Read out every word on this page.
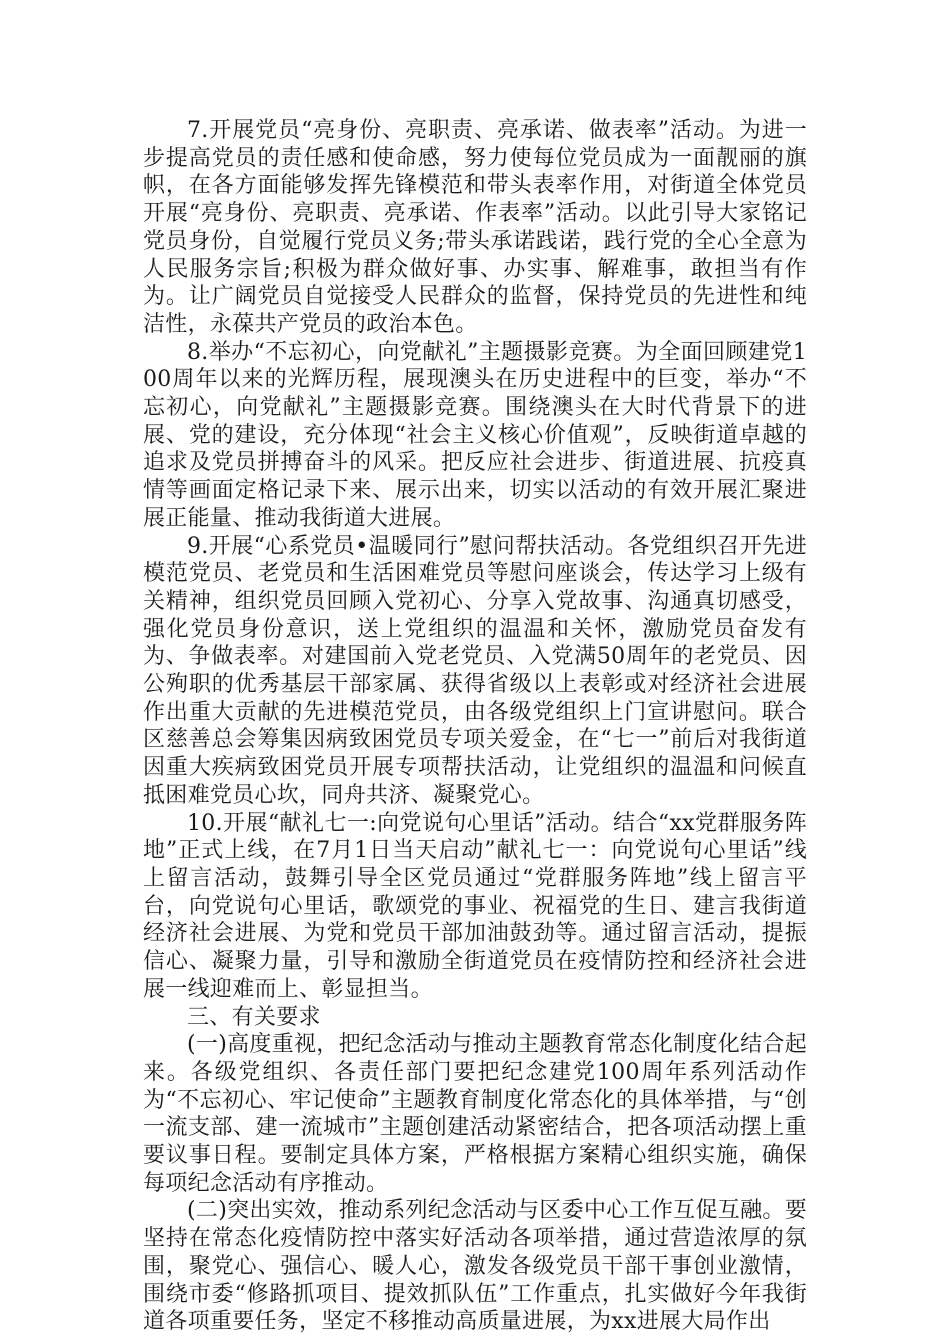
7.开展党员“亮身份、亮职责、亮承诺、做表率”活动。为进一步提高党员的责任感和使命感，努力使每位党员成为一面靓丽的旗帜，在各方面能够发挥先锋模范和带头表率作用，对街道全体党员开展“亮身份、亮职责、亮承诺、作表率”活动。以此引导大家铭记党员身份，自觉履行党员义务;带头承诺践诺，践行党的全心全意为人民服务宗旨;积极为群众做好事、办实事、解难事，敢担当有作为。让广阔党员自觉接受人民群众的监督，保持党员的先进性和纯洁性，永葆共产党员的政治本色。

8.举办“不忘初心，向党献礼”主题摄影竞赛。为全面回顾建党100周年以来的光辉历程，展现澳头在历史进程中的巨变，举办“不忘初心，向党献礼”主题摄影竞赛。围绕澳头在大时代背景下的进展、党的建设，充分体现“社会主义核心价值观”，反映街道卓越的追求及党员拼搏奋斗的风采。把反应社会进步、街道进展、抗疫真情等画面定格记录下来、展示出来，切实以活动的有效开展汇聚进展正能量、推动我街道大进展。

9.开展“心系党员•温暖同行”慰问帮扶活动。各党组织召开先进模范党员、老党员和生活困难党员等慰问座谈会，传达学习上级有关精神，组织党员回顾入党初心、分享入党故事、沟通真切感受，强化党员身份意识，送上党组织的温温和关怀，激励党员奋发有为、争做表率。对建国前入党老党员、入党满50周年的老党员、因公殉职的优秀基层干部家属、获得省级以上表彰或对经济社会进展作出重大贡献的先进模范党员，由各级党组织上门宣讲慰问。联合区慈善总会筹集因病致困党员专项关爱金，在“七一”前后对我街道因重大疾病致困党员开展专项帮扶活动，让党组织的温温和问候直抵困难党员心坎，同舟共济、凝聚党心。

10.开展“献礼七一:向党说句心里话”活动。结合“xx党群服务阵地”正式上线，在7月1日当天启动”献礼七一：向党说句心里话”线上留言活动，鼓舞引导全区党员通过“党群服务阵地”线上留言平台，向党说句心里话，歌颂党的事业、祝福党的生日、建言我街道经济社会进展、为党和党员干部加油鼓劲等。通过留言活动，提振信心、凝聚力量，引导和激励全街道党员在疫情防控和经济社会进展一线迎难而上、彰显担当。

三、有关要求

(一)高度重视，把纪念活动与推动主题教育常态化制度化结合起来。各级党组织、各责任部门要把纪念建党100周年系列活动作为“不忘初心、牢记使命”主题教育制度化常态化的具体举措，与“创一流支部、建一流城市”主题创建活动紧密结合，把各项活动摆上重要议事日程。要制定具体方案，严格根据方案精心组织实施，确保每项纪念活动有序推动。

(二)突出实效，推动系列纪念活动与区委中心工作互促互融。要坚持在常态化疫情防控中落实好活动各项举措，通过营造浓厚的氛围，聚党心、强信心、暖人心，激发各级党员干部干事创业激情，围绕市委“修路抓项目、提效抓队伍”工作重点，扎实做好今年我街道各项重要任务，坚定不移推动高质量进展，为xx进展大局作出
